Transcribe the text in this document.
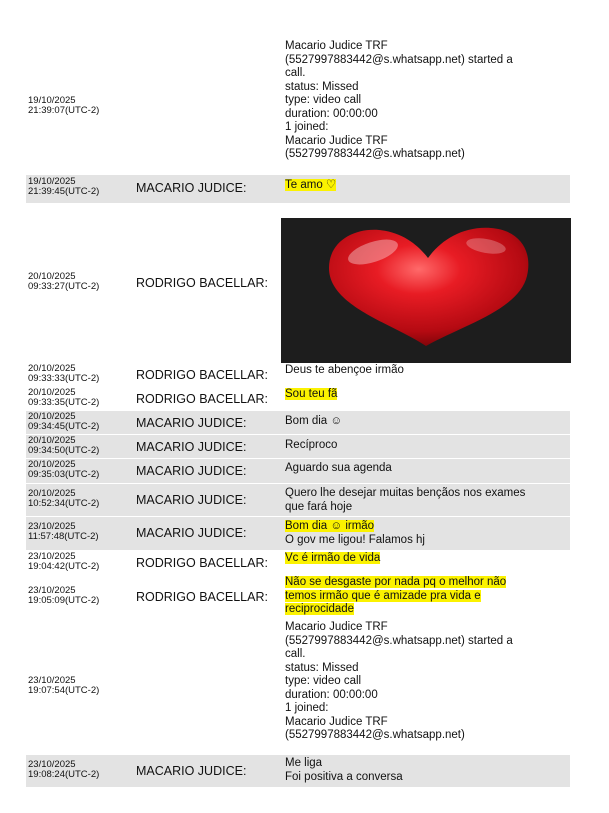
19/10/2025
21:39:07(UTC-2)
Macario Judice TRF
(5527997883442@s.whatsapp.net) started a
call.
status: Missed
type: video call
duration: 00:00:00
1 joined:
Macario Judice TRF
(5527997883442@s.whatsapp.net)
19/10/2025
21:39:45(UTC-2)	MACARIO JUDICE:	Te amo ♡
20/10/2025
09:33:27(UTC-2)	RODRIGO BACELLAR:
20/10/2025
09:33:33(UTC-2)	RODRIGO BACELLAR:	Deus te abençoe irmão
20/10/2025
09:33:35(UTC-2)	RODRIGO BACELLAR:	Sou teu fã
20/10/2025
09:34:45(UTC-2)	MACARIO JUDICE:	Bom dia ☺
20/10/2025
09:34:50(UTC-2)	MACARIO JUDICE:	Recíproco
20/10/2025
09:35:03(UTC-2)	MACARIO JUDICE:	Aguardo sua agenda
20/10/2025
10:52:34(UTC-2)	MACARIO JUDICE:	Quero lhe desejar muitas bençãos nos exames
que fará hoje
23/10/2025
11:57:48(UTC-2)	MACARIO JUDICE:	Bom dia ☺ irmão
O gov me ligou! Falamos hj
23/10/2025
19:04:42(UTC-2)	RODRIGO BACELLAR:	Vc é irmão de vida
23/10/2025
19:05:09(UTC-2)	RODRIGO BACELLAR:
Não se desgaste por nada pq o melhor não
temos irmão que é amizade pra vida e
reciprocidade
23/10/2025
19:07:54(UTC-2)
Macario Judice TRF
(5527997883442@s.whatsapp.net) started a
call.
status: Missed
type: video call
duration: 00:00:00
1 joined:
Macario Judice TRF
(5527997883442@s.whatsapp.net)
23/10/2025
19:08:24(UTC-2)	MACARIO JUDICE:
Me liga
Foi positiva a conversa
